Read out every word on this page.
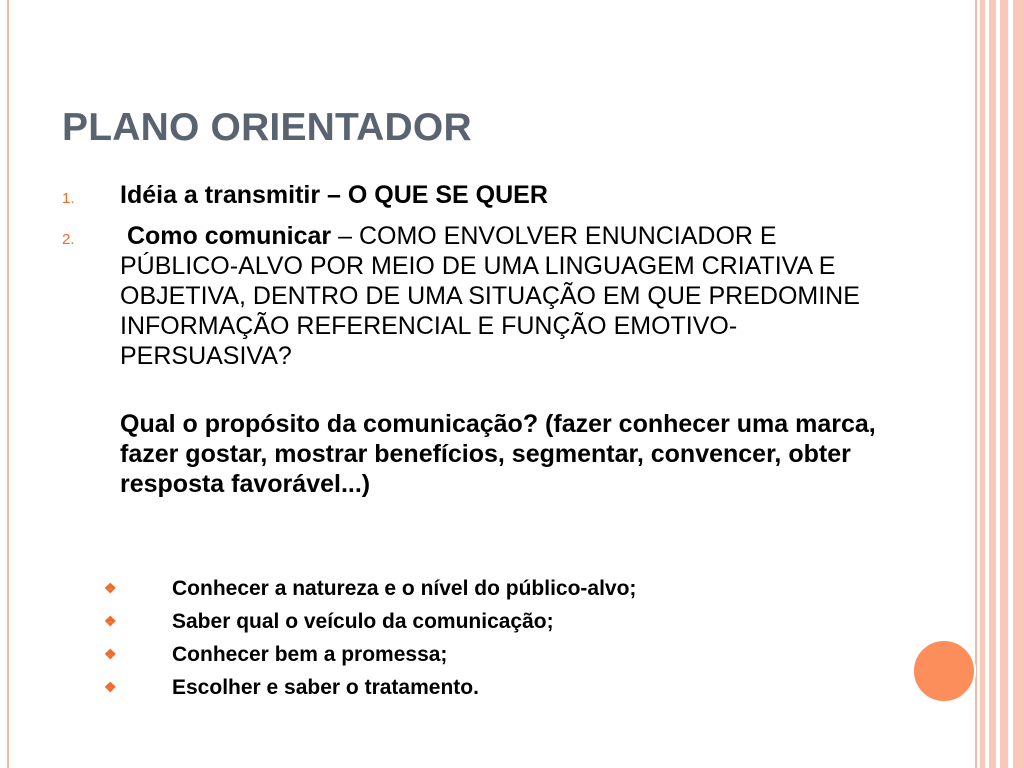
PLANO ORIENTADOR
1. Idéia a transmitir – O QUE SE QUER
2. Como comunicar – COMO ENVOLVER ENUNCIADOR E PÚBLICO-ALVO POR MEIO DE UMA LINGUAGEM CRIATIVA E OBJETIVA, DENTRO DE UMA SITUAÇÃO EM QUE PREDOMINE INFORMAÇÃO REFERENCIAL E FUNÇÃO EMOTIVO-PERSUASIVA?
Qual o propósito da comunicação? (fazer conhecer uma marca, fazer gostar, mostrar benefícios, segmentar, convencer, obter resposta favorável...)
❖	Conhecer a natureza e o nível do público-alvo;
❖	Saber qual o veículo da comunicação;
❖	Conhecer bem a promessa;
❖	Escolher e saber o tratamento.
